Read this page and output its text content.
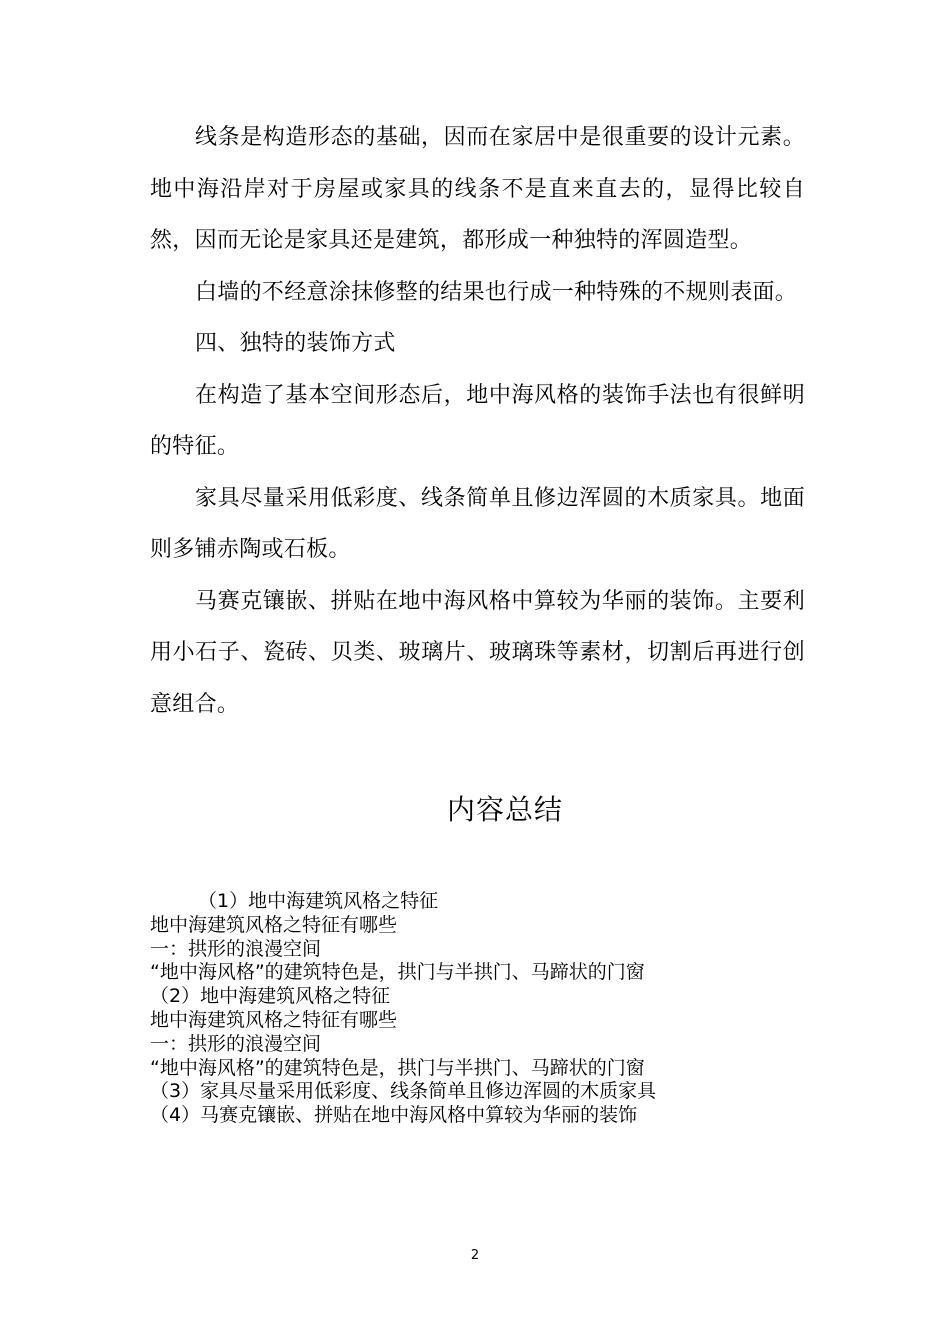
线条是构造形态的基础，因而在家居中是很重要的设计元素。地中海沿岸对于房屋或家具的线条不是直来直去的，显得比较自然，因而无论是家具还是建筑，都形成一种独特的浑圆造型。

白墙的不经意涂抹修整的结果也行成一种特殊的不规则表面。

四、独特的装饰方式

在构造了基本空间形态后，地中海风格的装饰手法也有很鲜明的特征。

家具尽量采用低彩度、线条简单且修边浑圆的木质家具。地面则多铺赤陶或石板。

马赛克镶嵌、拼贴在地中海风格中算较为华丽的装饰。主要利用小石子、瓷砖、贝类、玻璃片、玻璃珠等素材，切割后再进行创意组合。

内容总结
（1）地中海建筑风格之特征
地中海建筑风格之特征有哪些
一：拱形的浪漫空间
“地中海风格”的建筑特色是，拱门与半拱门、马蹄状的门窗
（2）地中海建筑风格之特征
地中海建筑风格之特征有哪些
一：拱形的浪漫空间
“地中海风格”的建筑特色是，拱门与半拱门、马蹄状的门窗
（3）家具尽量采用低彩度、线条简单且修边浑圆的木质家具
（4）马赛克镶嵌、拼贴在地中海风格中算较为华丽的装饰
2
